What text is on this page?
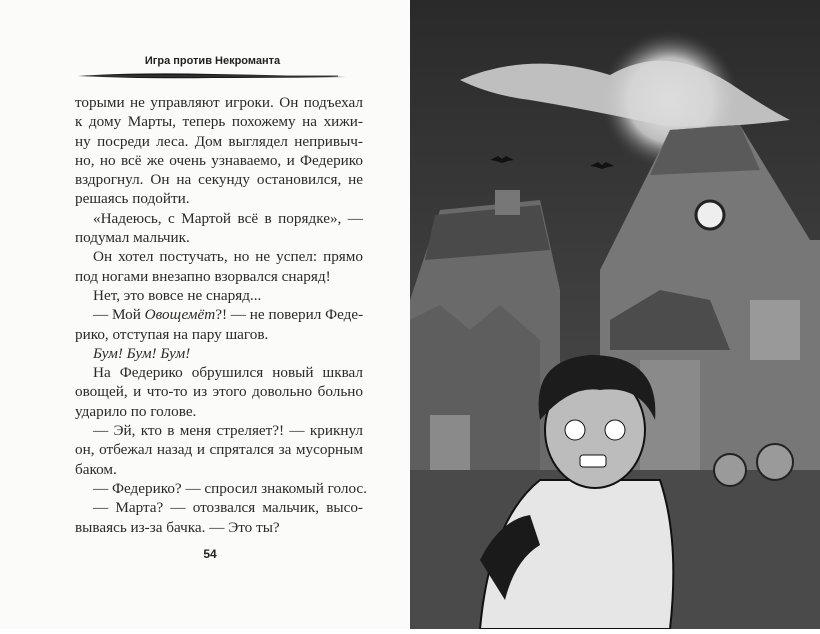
Игра против Некроманта
торыми не управляют игроки. Он подъехал
к дому Марты, теперь похожему на хижи-
ну посреди леса. Дом выглядел непривыч-
но, но всё же очень узнаваемо, и Федерико
вздрогнул. Он на секунду остановился, не
решаясь подойти.
«Надеюсь, с Мартой всё в порядке», —
подумал мальчик.
Он хотел постучать, но не успел: прямо
под ногами внезапно взорвался снаряд!
Нет, это вовсе не снаряд...
— Мой Овощемёт?! — не поверил Феде-
рико, отступая на пару шагов.
Бум! Бум! Бум!
На Федерико обрушился новый шквал
овощей, и что-то из этого довольно больно
ударило по голове.
— Эй, кто в меня стреляет?! — крикнул
он, отбежал назад и спрятался за мусорным
баком.
— Федерико? — спросил знакомый голос.
— Марта? — отозвался мальчик, высо-
вываясь из-за бачка. — Это ты?
54
